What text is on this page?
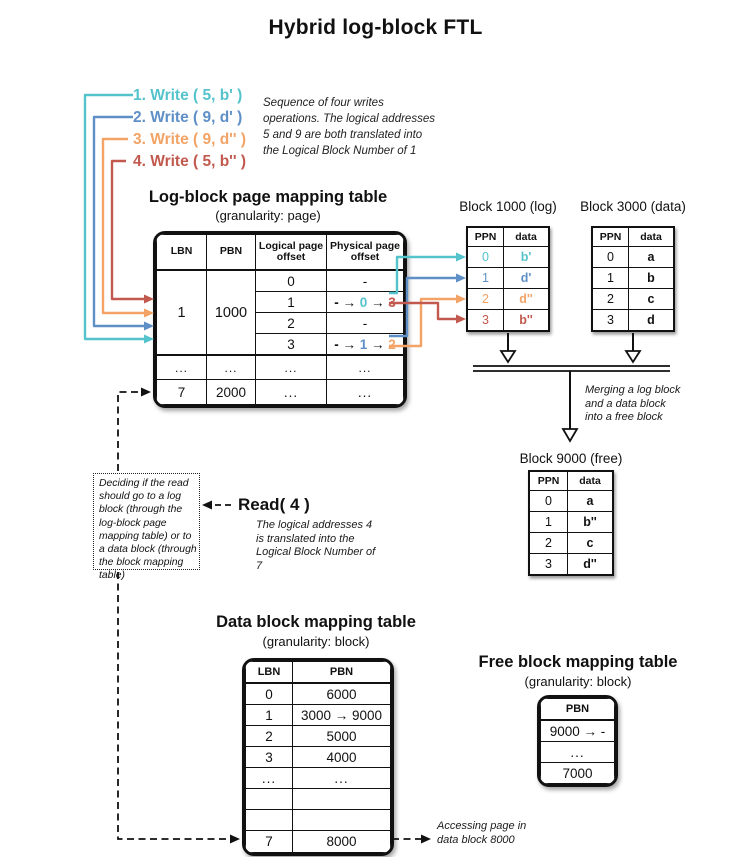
Hybrid log-block FTL
1. Write ( 5, b' )
2. Write ( 9, d' )
3. Write ( 9, d'' )
4. Write ( 5, b'' )
Sequence of four writes operations. The logical addresses 5 and 9 are both translated into the Logical Block Number of 1
Log-block page mapping table
(granularity: page)
LBN	PBN	Logical page offset	Physical page offset
1	1000	0	-
		1	- → 0 → 3
		2	-
		3	- → 1 → 2
...	...	...	...
7	2000	...	...
Block 1000 (log)
PPN	data
0	b'
1	d'
2	d''
3	b''
Block 3000 (data)
PPN	data
0	a
1	b
2	c
3	d
Merging a log block and a data block into a free block
Block 9000 (free)
PPN	data
0	a
1	b''
2	c
3	d''
Deciding if the read should go to a log block (through the log-block page mapping table) or to a data block (through the block mapping table)
Read( 4 )
The logical addresses 4 is translated into the Logical Block Number of 7
Data block mapping table
(granularity: block)
LBN	PBN
0	6000
1	3000 → 9000
2	5000
3	4000
...	...

7	8000
Free block mapping table
(granularity: block)
PBN
9000 → -
...
7000
Accessing page in data block 8000
